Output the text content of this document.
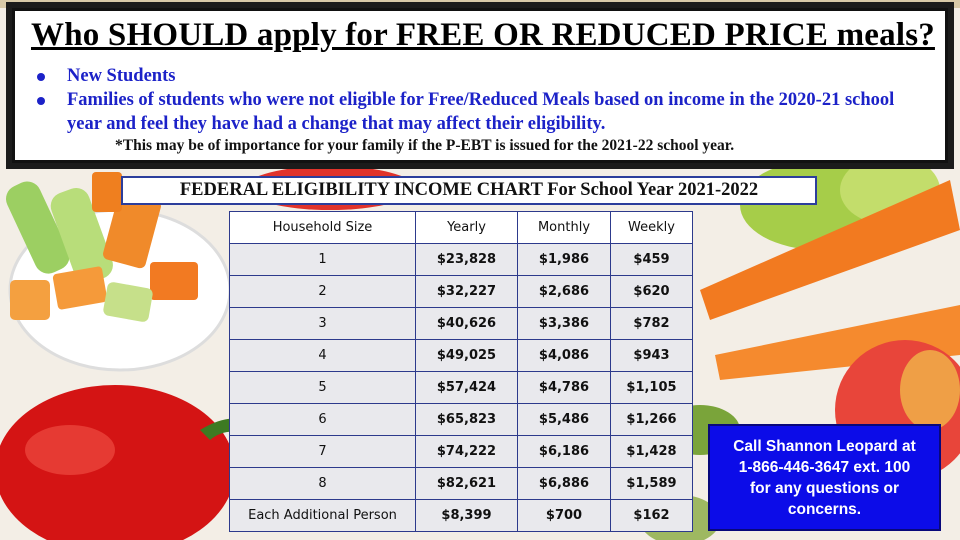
Who SHOULD apply for FREE OR REDUCED PRICE meals?
New Students
Families of students who were not eligible for Free/Reduced Meals based on income in the 2020-21 school year and feel they have had a change that may affect their eligibility.
*This may be of importance for your family if the P-EBT is issued for the 2021-22 school year.
FEDERAL ELIGIBILITY INCOME CHART For School Year 2021-2022
Household Size	Yearly	Monthly	Weekly
1	$23,828	$1,986	$459
2	$32,227	$2,686	$620
3	$40,626	$3,386	$782
4	$49,025	$4,086	$943
5	$57,424	$4,786	$1,105
6	$65,823	$5,486	$1,266
7	$74,222	$6,186	$1,428
8	$82,621	$6,886	$1,589
Each Additional Person	$8,399	$700	$162
Call Shannon Leopard at
1-866-446-3647 ext. 100
for any questions or
concerns.
